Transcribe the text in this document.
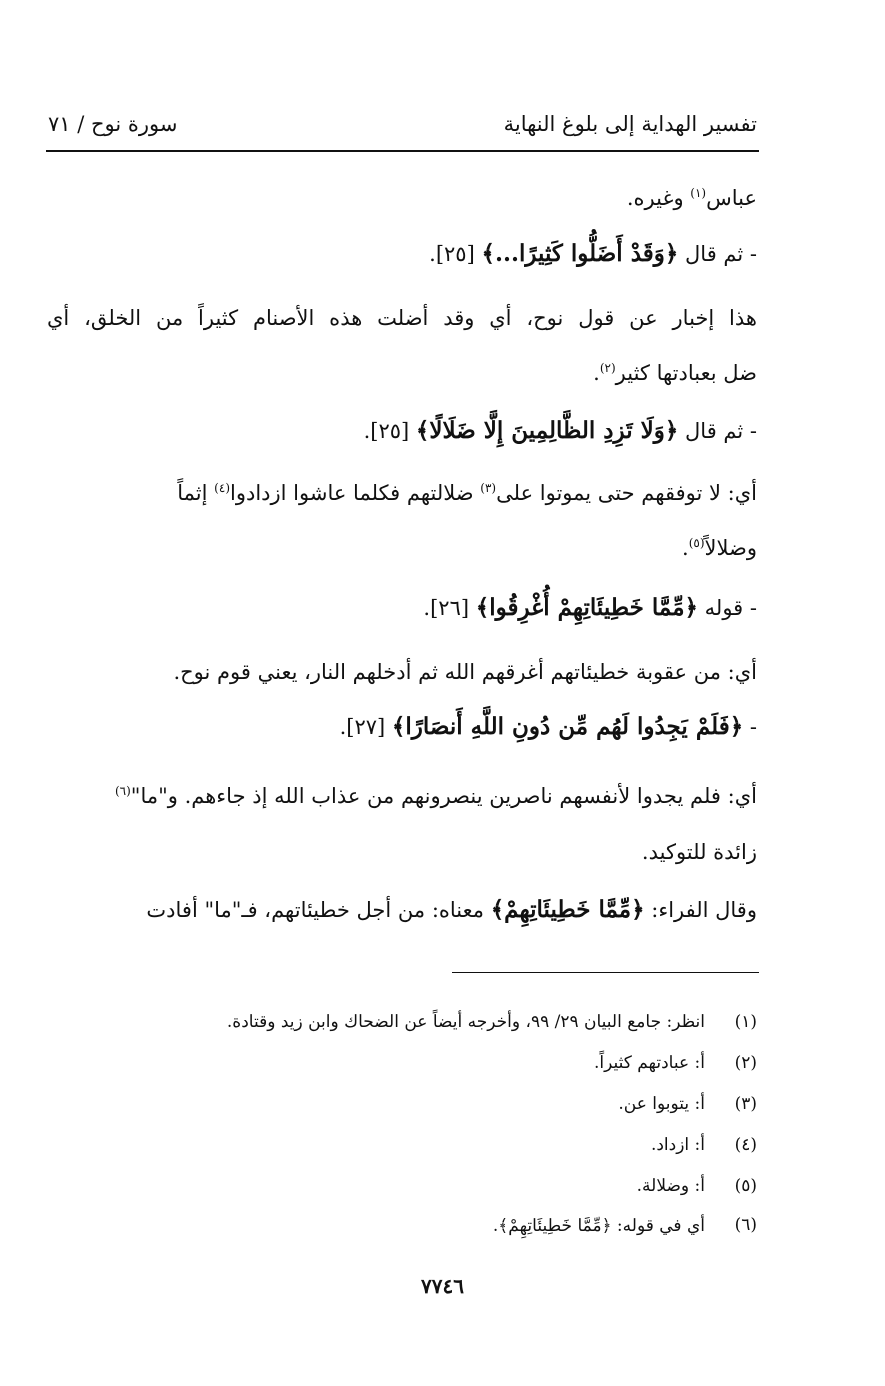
تفسير الهداية إلى بلوغ النهاية
سورة نوح / ٧١
عباس$^{(١)}$ وغيره.
- ثم قال ﴿وَقَدْ أَضَلُّوا كَثِيرًا...﴾ [٢٥].
هذا إخبار عن قول نوح، أي وقد أضلت هذه الأصنام كثيراً من الخلق، أي
ضل بعبادتها كثير$^{(٢)}$.
- ثم قال ﴿وَلَا تَزِدِ الظَّالِمِينَ إِلَّا ضَلَالًا﴾ [٢٥].
أي: لا توفقهم حتى يموتوا على$^{(٣)}$ ضلالتهم فكلما عاشوا ازدادوا$^{(٤)}$ إثماً
وضلالاً$^{(٥)}$.
- قوله ﴿مِّمَّا خَطِيئَاتِهِمْ أُغْرِقُوا﴾ [٢٦].
أي: من عقوبة خطيئاتهم أغرقهم الله ثم أدخلهم النار، يعني قوم نوح.
- ﴿فَلَمْ يَجِدُوا لَهُم مِّن دُونِ اللَّهِ أَنصَارًا﴾ [٢٧].
أي: فلم يجدوا لأنفسهم ناصرين ينصرونهم من عذاب الله إذ جاءهم. و"ما"$^{(٦)}$
زائدة للتوكيد.
وقال الفراء: ﴿مِّمَّا خَطِيئَاتِهِمْ﴾ معناه: من أجل خطيئاتهم، فـ"ما" أفادت
(١)
انظر: جامع البيان ٢٩/ ٩٩، وأخرجه أيضاً عن الضحاك وابن زيد وقتادة.
(٢)
أ: عبادتهم كثيراً.
(٣)
أ: يتوبوا عن.
(٤)
أ: ازداد.
(٥)
أ: وضلالة.
(٦)
أي في قوله: ﴿مِّمَّا خَطِيئَاتِهِمْ﴾.
٧٧٤٦
